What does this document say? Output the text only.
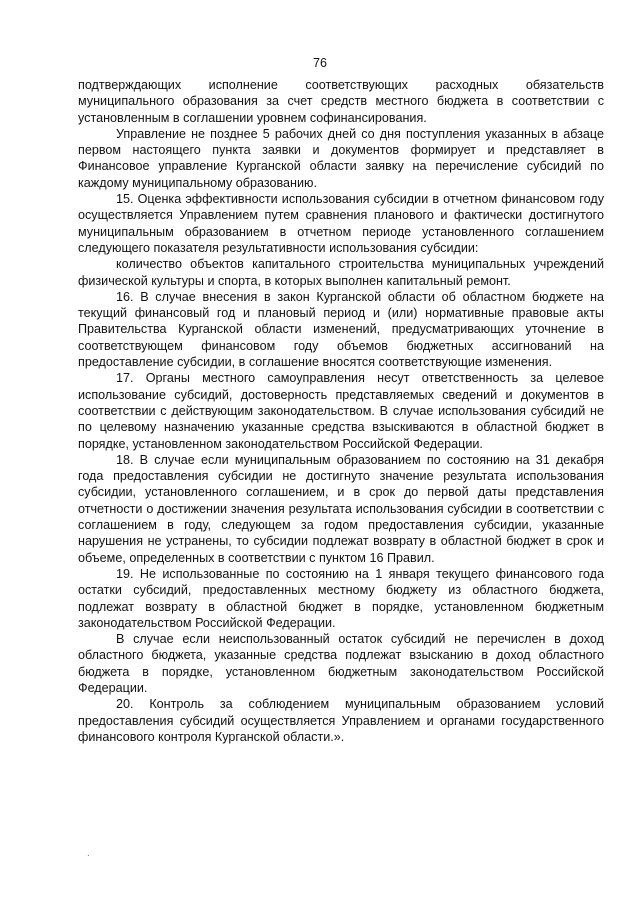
76

подтверждающих исполнение соответствующих расходных обязательств муниципального образования за счет средств местного бюджета в соответствии с установленным в соглашении уровнем софинансирования.

Управление не позднее 5 рабочих дней со дня поступления указанных в абзаце первом настоящего пункта заявки и документов формирует и представляет в Финансовое управление Курганской области заявку на перечисление субсидий по каждому муниципальному образованию.

15. Оценка эффективности использования субсидии в отчетном финансовом году осуществляется Управлением путем сравнения планового и фактически достигнутого муниципальным образованием в отчетном периоде установленного соглашением следующего показателя результативности использования субсидии:

количество объектов капитального строительства муниципальных учреждений физической культуры и спорта, в которых выполнен капитальный ремонт.

16. В случае внесения в закон Курганской области об областном бюджете на текущий финансовый год и плановый период и (или) нормативные правовые акты Правительства Курганской области изменений, предусматривающих уточнение в соответствующем финансовом году объемов бюджетных ассигнований на предоставление субсидии, в соглашение вносятся соответствующие изменения.

17. Органы местного самоуправления несут ответственность за целевое использование субсидий, достоверность представляемых сведений и документов в соответствии с действующим законодательством. В случае использования субсидий не по целевому назначению указанные средства взыскиваются в областной бюджет в порядке, установленном законодательством Российской Федерации.

18. В случае если муниципальным образованием по состоянию на 31 декабря года предоставления субсидии не достигнуто значение результата использования субсидии, установленного соглашением, и в срок до первой даты представления отчетности о достижении значения результата использования субсидии в соответствии с соглашением в году, следующем за годом предоставления субсидии, указанные нарушения не устранены, то субсидии подлежат возврату в областной бюджет в срок и объеме, определенных в соответствии с пунктом 16 Правил.

19. Не использованные по состоянию на 1 января текущего финансового года остатки субсидий, предоставленных местному бюджету из областного бюджета, подлежат возврату в областной бюджет в порядке, установленном бюджетным законодательством Российской Федерации.

В случае если неиспользованный остаток субсидий не перечислен в доход областного бюджета, указанные средства подлежат взысканию в доход областного бюджета в порядке, установленном бюджетным законодательством Российской Федерации.

20. Контроль за соблюдением муниципальным образованием условий предоставления субсидий осуществляется Управлением и органами государственного финансового контроля Курганской области.».

.
